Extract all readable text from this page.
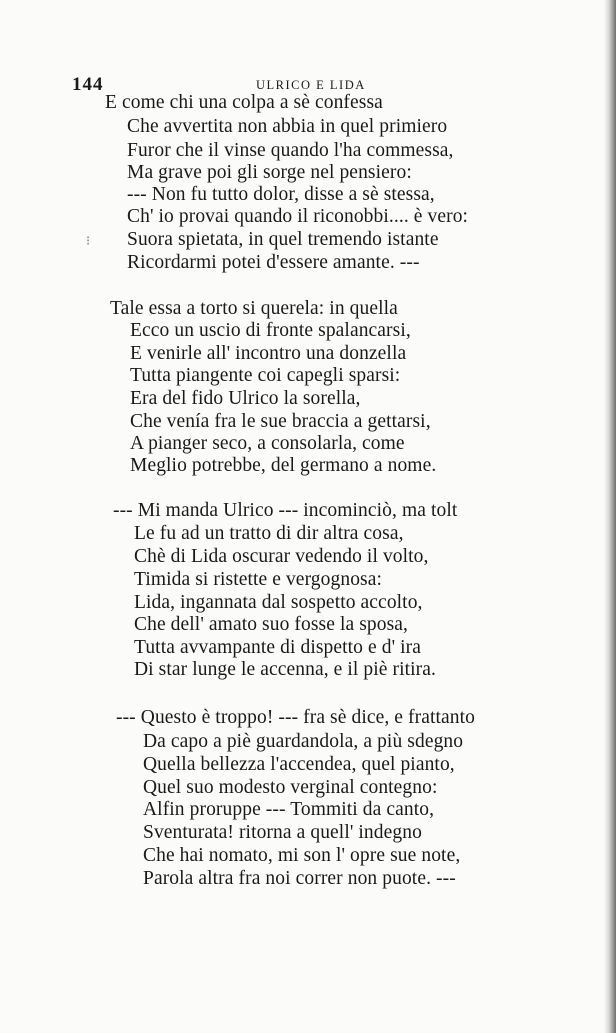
144	ULRICO E LIDA
⁝
E come chi una colpa a sè confessa
Che avvertita non abbia in quel primiero
Furor che il vinse quando l'ha commessa,
Ma grave poi gli sorge nel pensiero:
--- Non fu tutto dolor, disse a sè stessa,
Ch' io provai quando il riconobbi.... è vero:
Suora spietata, in quel tremendo istante
Ricordarmi potei d'essere amante. ---
Tale essa a torto si querela: in quella
Ecco un uscio di fronte spalancarsi,
E venirle all' incontro una donzella
Tutta piangente coi capegli sparsi:
Era del fido Ulrico la sorella,
Che venía fra le sue braccia a gettarsi,
A pianger seco, a consolarla, come
Meglio potrebbe, del germano a nome.
--- Mi manda Ulrico --- incominciò, ma tolt
Le fu ad un tratto di dir altra cosa,
Chè di Lida oscurar vedendo il volto,
Timida si ristette e vergognosa:
Lida, ingannata dal sospetto accolto,
Che dell' amato suo fosse la sposa,
Tutta avvampante di dispetto e d' ira
Di star lunge le accenna, e il piè ritira.
--- Questo è troppo! --- fra sè dice, e frattanto
Da capo a piè guardandola, a più sdegno
Quella bellezza l'accendea, quel pianto,
Quel suo modesto verginal contegno:
Alfin proruppe --- Tommiti da canto,
Sventurata! ritorna a quell' indegno
Che hai nomato, mi son l' opre sue note,
Parola altra fra noi correr non puote. ---
